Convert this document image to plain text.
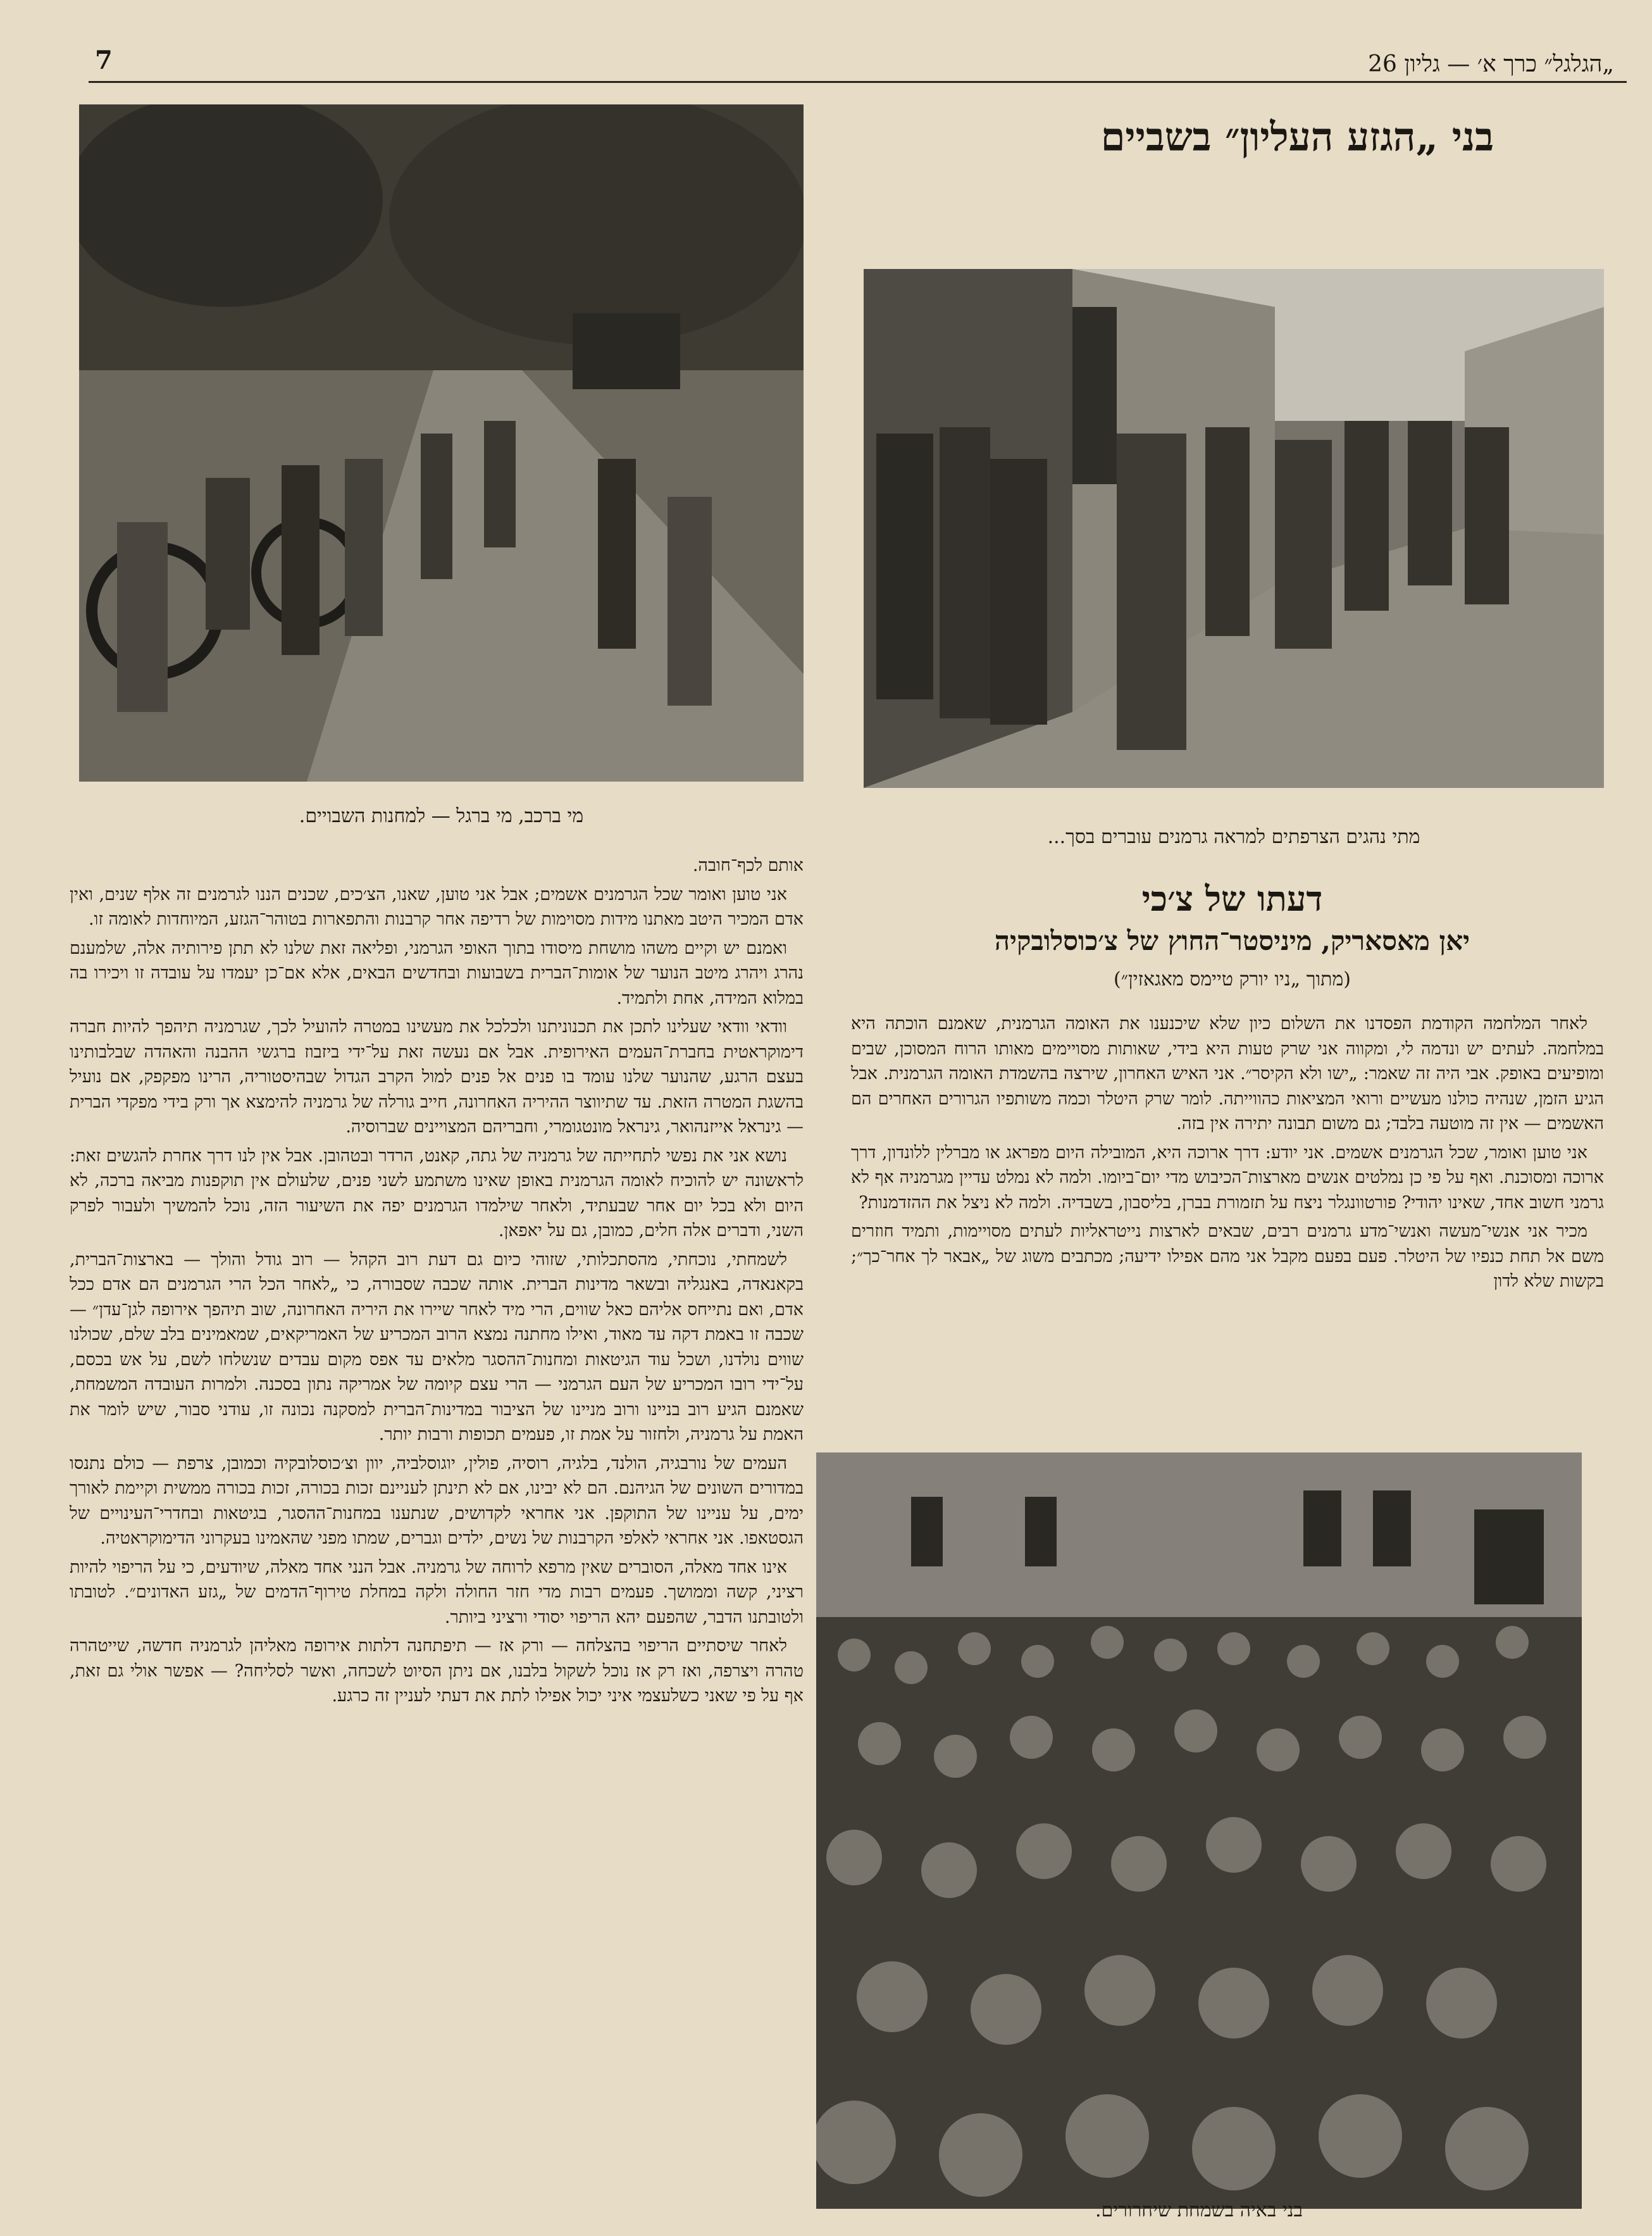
„הגלגל״ כרך א׳ — גליון 26
7
בני „הגזע העליון״ בשביים
מי ברכב, מי ברגל — למחנות השבויים.
מתי נהגים הצרפתים למראה גרמנים עוברים בסך...
דעתו של צ׳כי
יאן מאסאריק, מיניסטר־החוץ של צ׳כוסלובקיה
(מתוך „ניו יורק טיימס מאגאזין״)

לאחר המלחמה הקודמת הפסדנו את השלום כיון שלא שיכנענו את האומה הגרמנית, שאמנם הוכתה היא במלחמה. לעתים יש ונדמה לי, ומקווה אני שרק טעות היא בידי, שאותות מסויימים מאותו הרוח המסוכן, שבים ומופיעים באופק. אבי היה זה שאמר: „ישו ולא הקיסר״. אני האיש האחרון, שירצה בהשמדת האומה הגרמנית. אבל הגיע הזמן, שנהיה כולנו מעשיים ורואי המציאות כהווייתה. לומר שרק היטלר וכמה משותפיו הגרורים האחרים הם האשמים — אין זה מוטעה בלבד; גם משום תבונה יתירה אין בזה.

אני טוען ואומר, שכל הגרמנים אשמים. אני יודע: דרך ארוכה היא, המובילה היום מפראג או מברלין ללונדון, דרך ארוכה ומסוכנת. ואף על פי כן נמלטים אנשים מארצות־הכיבוש מדי יום־ביומו. ולמה לא נמלט עדיין מגרמניה אף לא גרמני חשוב אחד, שאינו יהודי? פורטוונגלר ניצח על תזמורת בברן, בליסבון, בשבדיה. ולמה לא ניצל את ההזדמנות?

מכיר אני אנשי־מעשה ואנשי־מדע גרמנים רבים, שבאים לארצות נייטראליות לעתים מסויימות, ותמיד חוזרים משם אל תחת כנפיו של היטלר. פעם בפעם מקבל אני מהם אפילו ידיעה; מכתבים משוג של „אבאר לך אחר־כך״; בקשות שלא לדון

בני באיה בשמחת שיחרורים.

אותם לכף־חובה.

אני טוען ואומר שכל הגרמנים אשמים; אבל אני טוען, שאנו, הצ׳כים, שכנים הננו לגרמנים זה אלף שנים, ואין אדם המכיר היטב מאתנו מידות מסוימות של רדיפה אחר קרבנות והתפארות בטוהר־הגזע, המיוחדות לאומה זו.

ואמנם יש וקיים משהו מושחת מיסודו בתוך האופי הגרמני, ופליאה זאת שלנו לא תתן פירותיה אלה, שלמענם נהרג ויהרג מיטב הנוער של אומות־הברית בשבועות ובחדשים הבאים, אלא אם־כן יעמדו על עובדה זו ויכירו בה במלוא המידה, אחת ולתמיד.

וודאי וודאי שעלינו לתכן את תכנוניתנו ולכלכל את מעשינו במטרה להועיל לכך, שגרמניה תיהפך להיות חברה דימוקראטית בחברת־העמים האירופית. אבל אם נעשה זאת על־ידי ביזבוז ברגשי ההבנה והאהדה שבלבותינו בעצם הרגע, שהנוער שלנו עומד בו פנים אל פנים למול הקרב הגדול שבהיסטוריה, הרינו מפקפק, אם נועיל בהשגת המטרה הזאת. עד שתיווצר ההיריה האחרונה, חייב גורלה של גרמניה להימצא אך ורק בידי מפקדי הברית — גינראל אייזנהואר, גינראל מונטגומרי, וחבריהם המצויינים שברוסיה.

נושא אני את נפשי לתחייתה של גרמניה של גתה, קאנט, הרדר ובטהובן. אבל אין לנו דרך אחרת להגשים זאת: לראשונה יש להוכיח לאומה הגרמנית באופן שאינו משתמע לשני פנים, שלעולם אין תוקפנות מביאה ברכה, לא היום ולא בכל יום אחר שבעתיד, ולאחר שילמדו הגרמנים יפה את השיעור הזה, נוכל להמשיך ולעבור לפרק השני, ודברים אלה חלים, כמובן, גם על יאפאן.

לשמחתי, נוכחתי, מהסתכלותי, שזוהי כיום גם דעת רוב הקהל — רוב גודל והולך — בארצות־הברית, בקאנאדה, באנגליה ובשאר מדינות הברית. אותה שכבה שסבורה, כי „לאחר הכל הרי הגרמנים הם אדם ככל אדם, ואם נתייחס אליהם כאל שווים, הרי מיד לאחר שיירו את היריה האחרונה, שוב תיהפך אירופה לגן־עדן״ — שכבה זו באמת דקה עד מאוד, ואילו מחתנה נמצא הרוב המכריע של האמריקאים, שמאמינים בלב שלם, שכולנו שווים נולדנו, ושכל עוד הגיטאות ומחנות־ההסגר מלאים עד אפס מקום עבדים שנשלחו לשם, על אש בכסם, על־ידי רובו המכריע של העם הגרמני — הרי עצם קיומה של אמריקה נתון בסכנה. ולמרות העובדה המשמחת, שאמנם הגיע רוב בניינו ורוב מניינו של הציבור במדינות־הברית למסקנה נכונה זו, עודני סבור, שיש לומר את האמת על גרמניה, ולחזור על אמת זו, פעמים תכופות ורבות יותר.

העמים של נורבגיה, הולנד, בלגיה, רוסיה, פולין, יוגוסלביה, יוון וצ׳כוסלובקיה וכמובן, צרפת — כולם נתנסו במדורים השונים של הגיהנם. הם לא יבינו, אם לא תינתן לעניינם זכות בכורה, זכות בכורה ממשית וקיימת לאורך ימים, על עניינו של התוקפן. אני אחראי לקדושים, שנתענו במחנות־ההסגר, בגיטאות ובחדרי־העינויים של הגסטאפו. אני אחראי לאלפי הקרבנות של נשים, ילדים וגברים, שמתו מפני שהאמינו בעקרוני הדימוקראטיה.

אינו אחד מאלה, הסוברים שאין מרפא לרוחה של גרמניה. אבל הנני אחד מאלה, שיודעים, כי על הריפוי להיות רציני, קשה וממושך. פעמים רבות מדי חזר החולה ולקה במחלת טירוף־הדמים של „גזע האדונים״. לטובתו ולטובתנו הדבר, שהפעם יהא הריפוי יסודי ורציני ביותר.

לאחר שיסתיים הריפוי בהצלחה — ורק אז — תיפתחנה דלתות אירופה מאליהן לגרמניה חדשה, שייטהרה טהרה ויצרפה, ואז רק אז נוכל לשקול בלבנו, אם ניתן הסיוט לשכחה, ואשר לסליחה? — אפשר אולי גם זאת, אף על פי שאני כשלעצמי איני יכול אפילו לתת את דעתי לעניין זה כרגע.
